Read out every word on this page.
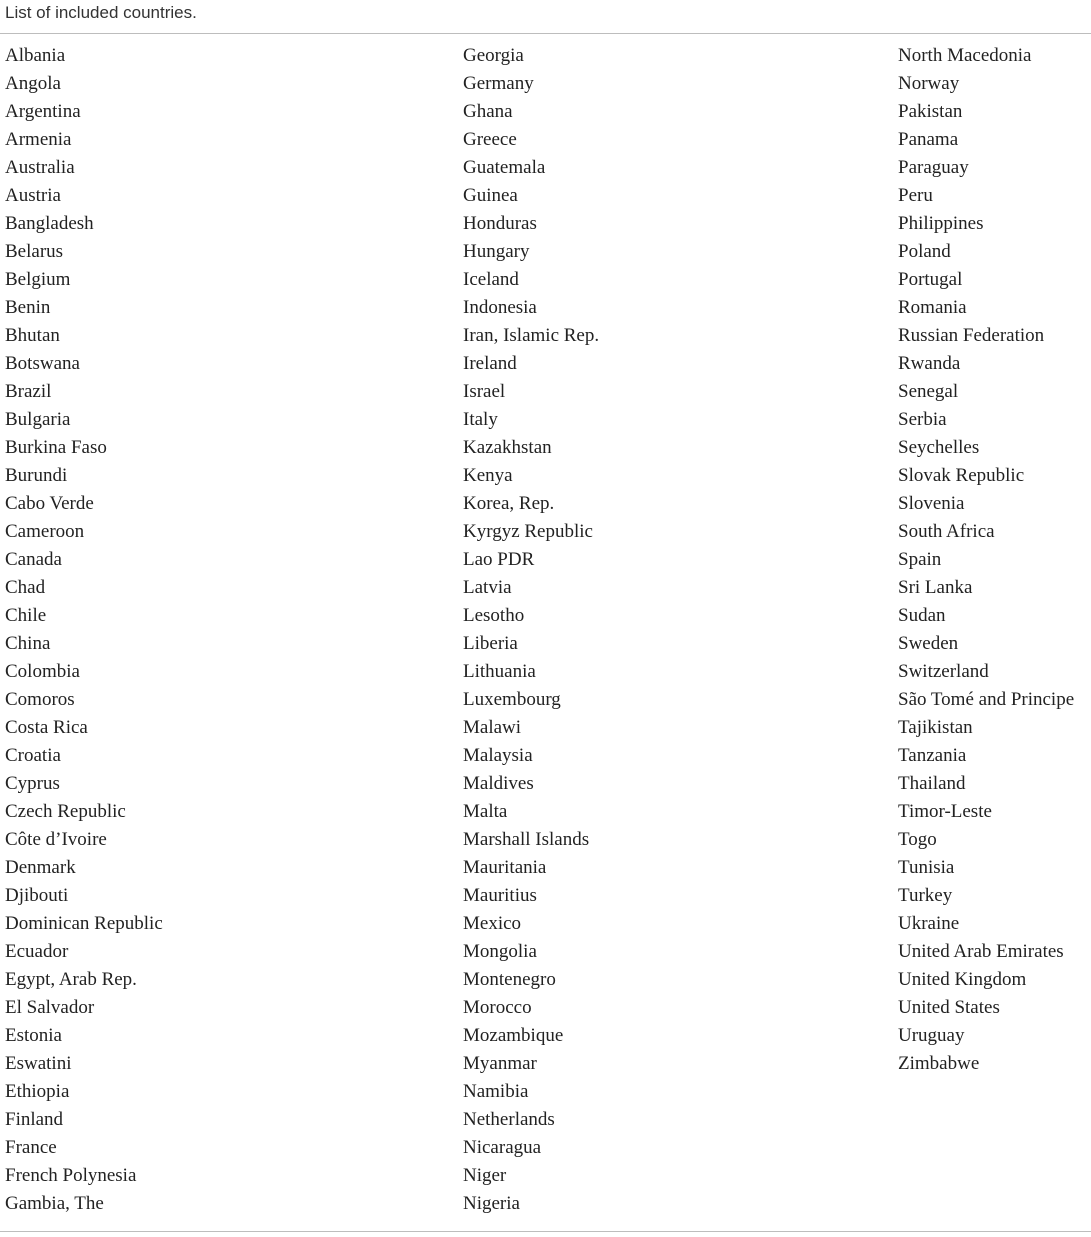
List of included countries.
Albania
Angola
Argentina
Armenia
Australia
Austria
Bangladesh
Belarus
Belgium
Benin
Bhutan
Botswana
Brazil
Bulgaria
Burkina Faso
Burundi
Cabo Verde
Cameroon
Canada
Chad
Chile
China
Colombia
Comoros
Costa Rica
Croatia
Cyprus
Czech Republic
Côte d’Ivoire
Denmark
Djibouti
Dominican Republic
Ecuador
Egypt, Arab Rep.
El Salvador
Estonia
Eswatini
Ethiopia
Finland
France
French Polynesia
Gambia, The
Georgia
Germany
Ghana
Greece
Guatemala
Guinea
Honduras
Hungary
Iceland
Indonesia
Iran, Islamic Rep.
Ireland
Israel
Italy
Kazakhstan
Kenya
Korea, Rep.
Kyrgyz Republic
Lao PDR
Latvia
Lesotho
Liberia
Lithuania
Luxembourg
Malawi
Malaysia
Maldives
Malta
Marshall Islands
Mauritania
Mauritius
Mexico
Mongolia
Montenegro
Morocco
Mozambique
Myanmar
Namibia
Netherlands
Nicaragua
Niger
Nigeria
North Macedonia
Norway
Pakistan
Panama
Paraguay
Peru
Philippines
Poland
Portugal
Romania
Russian Federation
Rwanda
Senegal
Serbia
Seychelles
Slovak Republic
Slovenia
South Africa
Spain
Sri Lanka
Sudan
Sweden
Switzerland
São Tomé and Principe
Tajikistan
Tanzania
Thailand
Timor-Leste
Togo
Tunisia
Turkey
Ukraine
United Arab Emirates
United Kingdom
United States
Uruguay
Zimbabwe
